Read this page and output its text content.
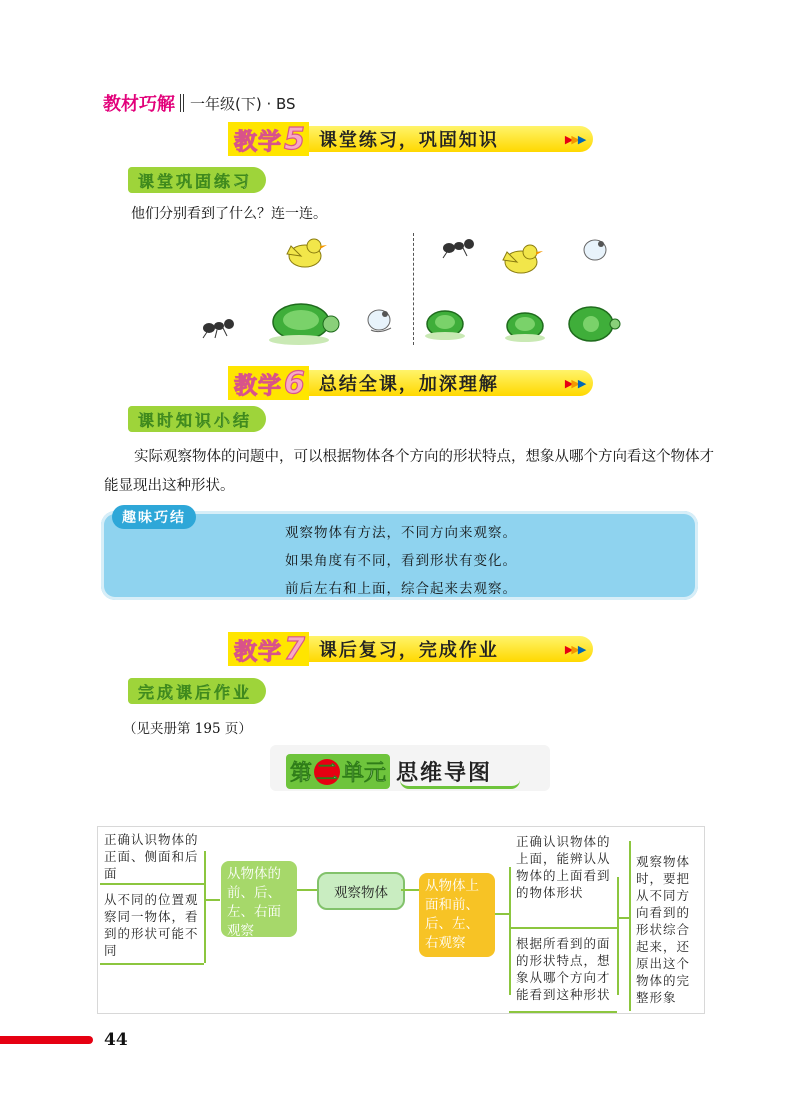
教材巧解 一年级(下) · BS
教学 5 课堂练习，巩固知识	▶▶▶
课堂巩固练习
他们分别看到了什么？连一连。
教学 6 总结全课，加深理解	▶▶▶
课时知识小结
实际观察物体的问题中，可以根据物体各个方向的形状特点，想象从哪个方向看这个物体才能显现出这种形状。
趣味巧结
观察物体有方法，不同方向来观察。
如果角度有不同，看到形状有变化。
前后左右和上面，综合起来去观察。
教学 7 课后复习，完成作业	▶▶▶
完成课后作业
（见夹册第 195 页）
第 二 单 元 思维导图
正确认识物体的正面、侧面和后面
从不同的位置观察同一物体，看到的形状可能不同
从物体的前、后、左、右面观察
观察物体	从物体上面和前、后、左、右观察
正确认识物体的上面，能辨认从物体的上面看到的物体形状
根据所看到的面的形状特点，想象从哪个方向才能看到这种形状
观察物体时，要把从不同方向看到的形状综合起来，还原出这个物体的完整形象
44
